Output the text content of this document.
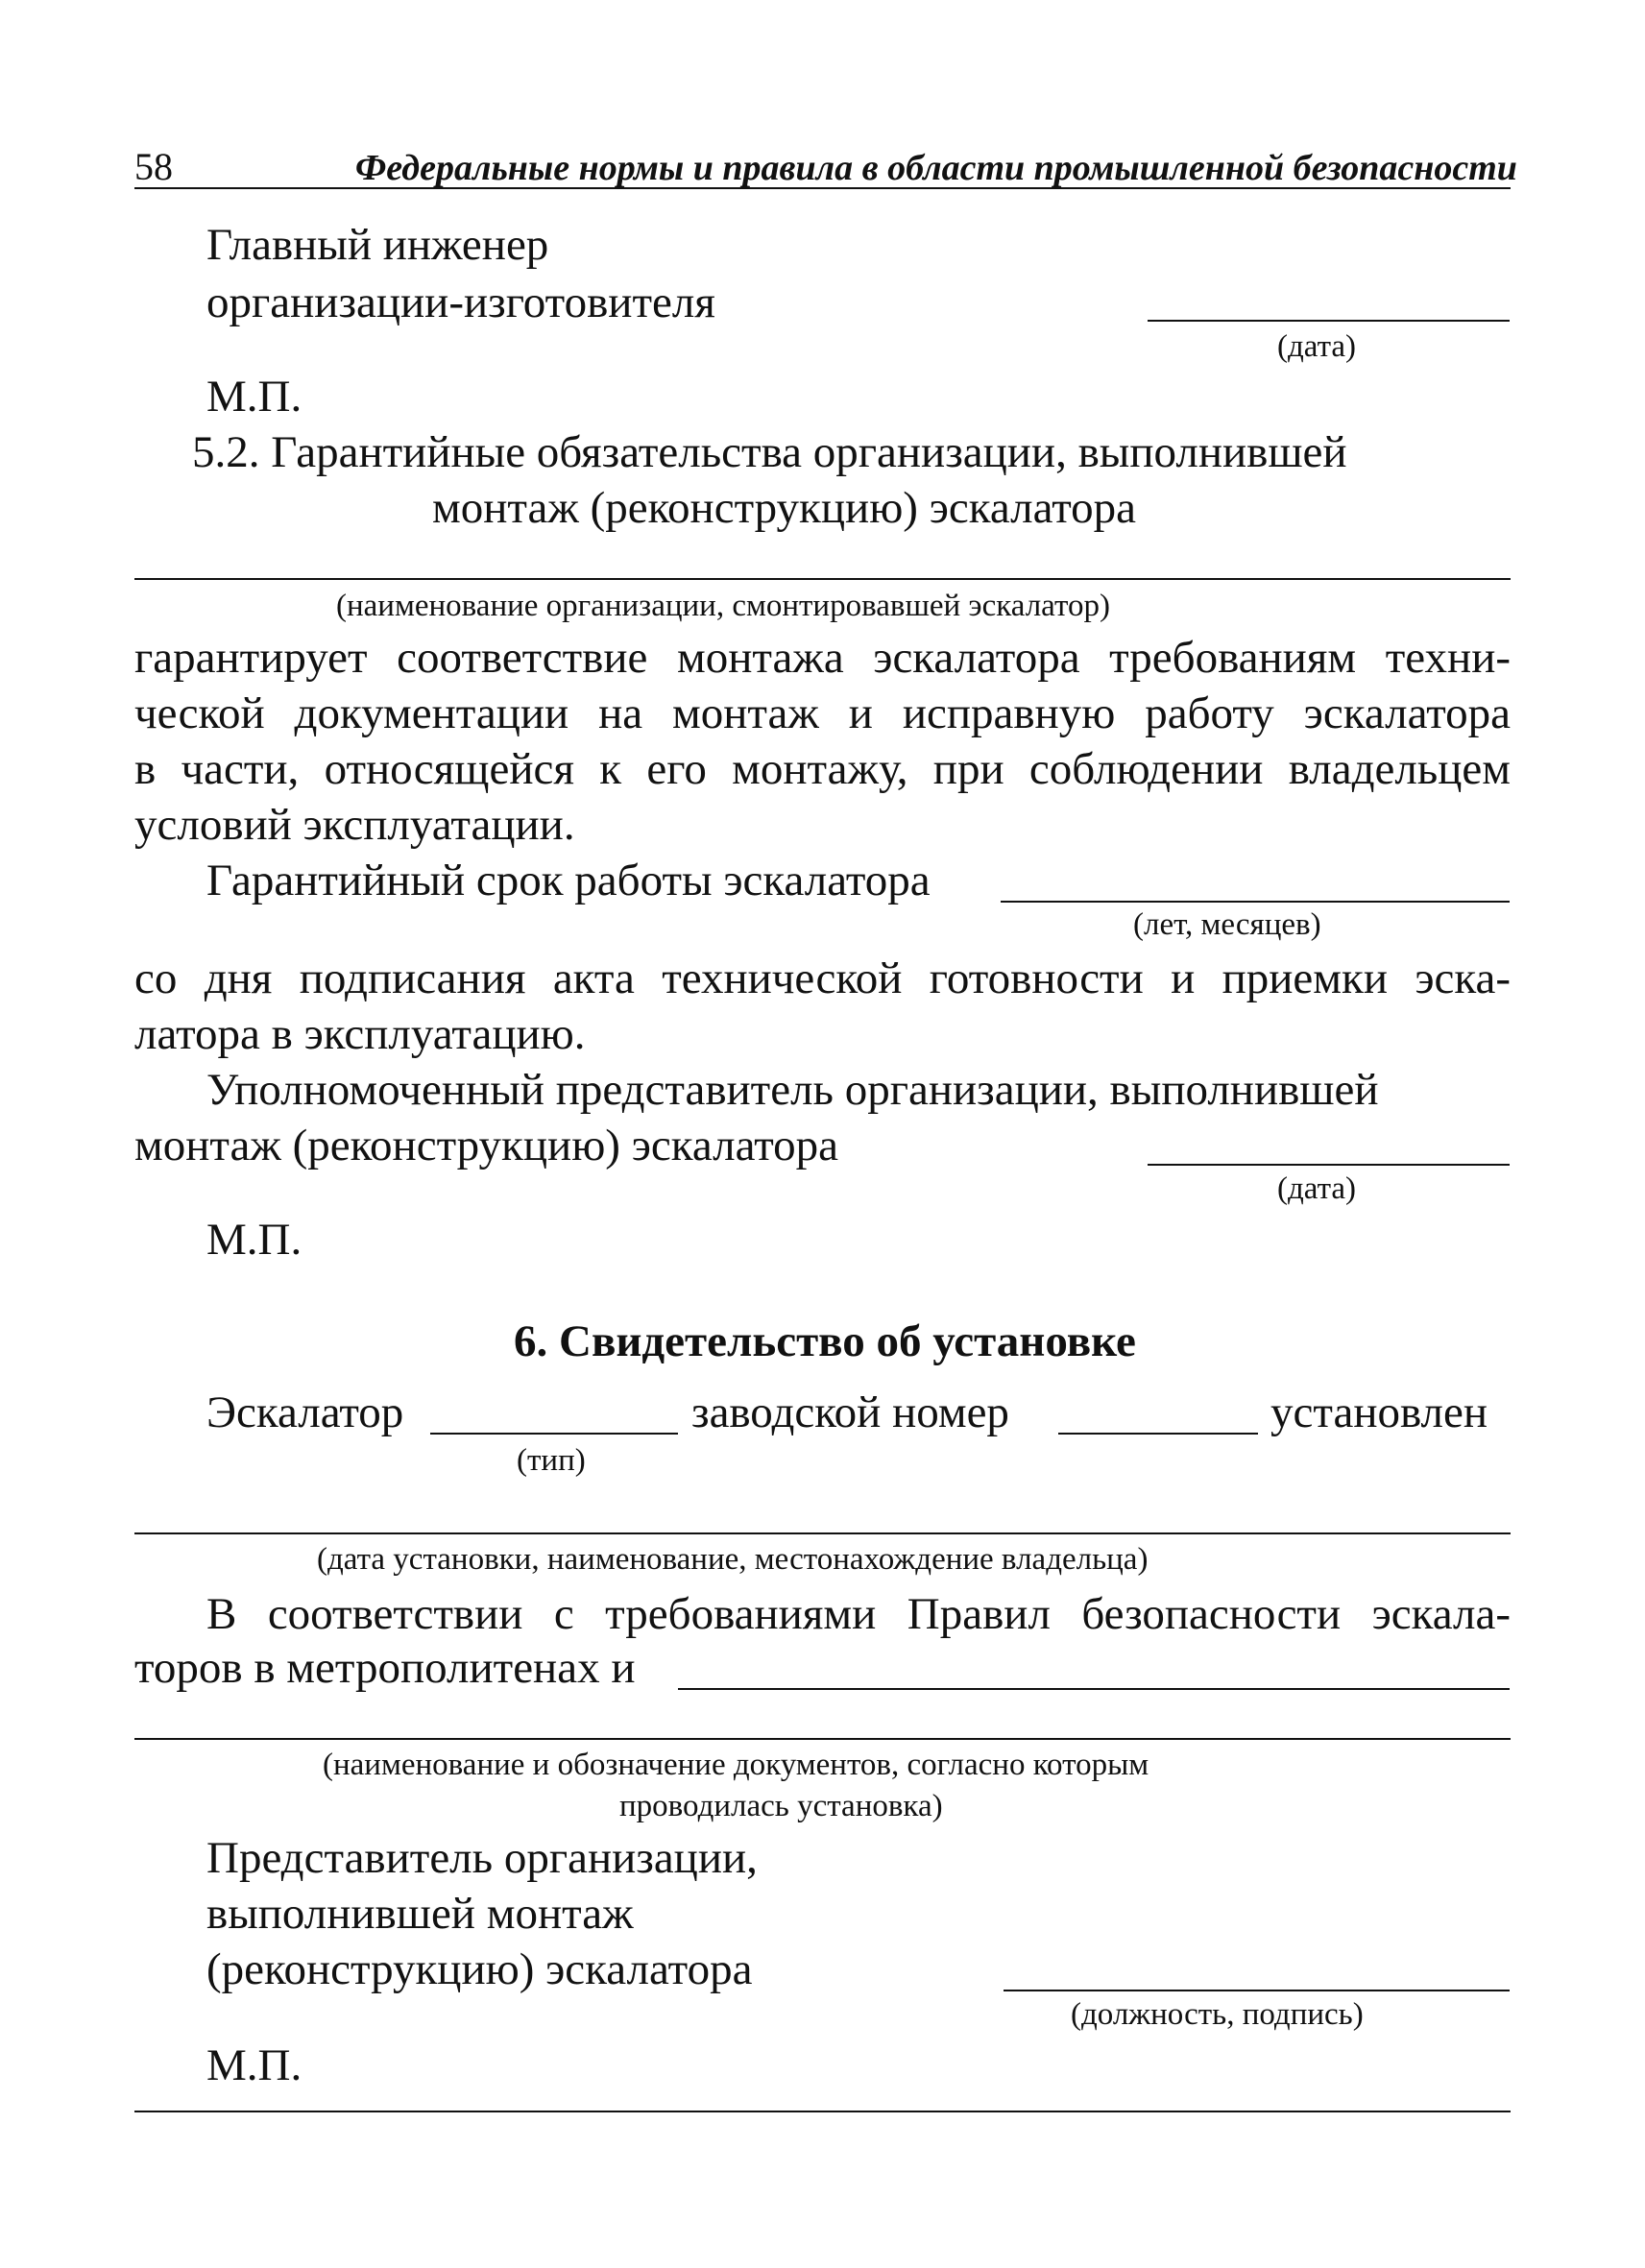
58	Федеральные нормы и правила в области промышленной безопасности
Главный инженер
организации-изготовителя
(дата)
М.П.
5.2. Гарантийные обязательства организации, выполнившей
монтаж (реконструкцию) эскалатора
(наименование организации, смонтировавшей эскалатор)
гарантирует соответствие монтажа эскалатора требованиям техни-
ческой документации на монтаж и исправную работу эскалатора
в части, относящейся к его монтажу, при соблюдении владельцем
условий эксплуатации.
Гарантийный срок работы эскалатора
(лет, месяцев)
со дня подписания акта технической готовности и приемки эска-
латора в эксплуатацию.
Уполномоченный представитель организации, выполнившей
монтаж (реконструкцию) эскалатора
(дата)
М.П.
6. Свидетельство об установке
Эскалатор	заводской номер	установлен
(тип)
(дата установки, наименование, местонахождение владельца)
В соответствии с требованиями Правил безопасности эскала-
торов в метрополитенах и
(наименование и обозначение документов, согласно которым
проводилась установка)
Представитель организации,
выполнившей монтаж
(реконструкцию) эскалатора
(должность, подпись)
М.П.
